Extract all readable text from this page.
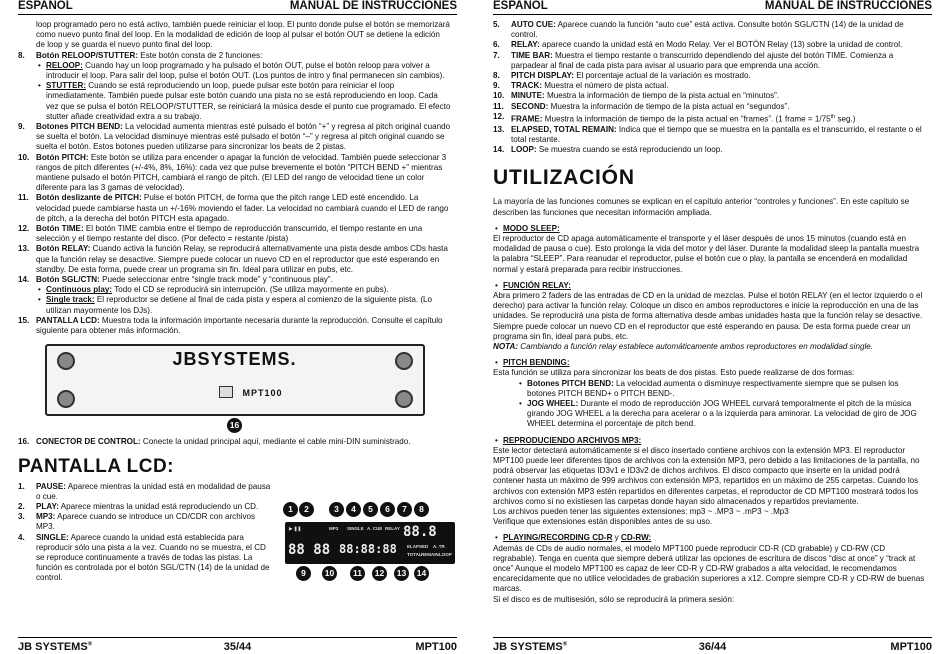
ESPAÑOL	MANUAL DE INSTRUCCIONES

loop programado pero no está activo, también puede reiniciar el loop. El punto donde pulse el botón se memorizará como nuevo punto final del loop. En la modalidad de edición de loop al pulsar el botón OUT se detiene la edición de loop y se guarda el nuevo punto final del loop.

8. Botón RELOOP/STUTTER: Este botón consta de 2 funciones:
• RELOOP: Cuando hay un loop programado y ha pulsado el botón OUT, pulse el botón reloop para volver a introducir el loop. Para salir del loop, pulse el botón OUT. (Los puntos de intro y final permanecen sin cambios).
• STUTTER: Cuando se está reproduciendo un loop, puede pulsar este botón para reiniciar el loop inmediatamente. También puede pulsar este botón cuando una pista no se está reproduciendo en loop. Cada vez que se pulsa el botón RELOOP/STUTTER, se reiniciará la música desde el punto cue programado. El efecto stutter añade creatividad extra a su trabajo.
9. Botones PITCH BEND: La velocidad aumenta mientras esté pulsado el botón “+” y regresa al pitch original cuando se suelta el botón. La velocidad disminuye mientras esté pulsado el botón “–” y regresa al pitch original cuando se suelta el botón. Estos botones pueden utilizarse para sincronizar los beats de 2 pistas.
10. Botón PITCH: Este botón se utiliza para encender o apagar la función de velocidad. También puede seleccionar 3 rangos de pitch diferentes (+/-4%, 8%, 16%): cada vez que pulse brevemente el botón “PITCH BEND +” mientras mantiene pulsado el botón PITCH, cambiará el rango de pitch. (El LED del rango de velocidad tiene un color diferente para las 3 gamas de velocidad).
11. Botón deslizante de PITCH: Pulse el botón PITCH, de forma que the pitch range LED esté encendido. La velocidad puede cambiarse hasta un +/-16% moviendo el fader. La velocidad no cambiará cuando el LED de rango de pitch, a la derecha del botón PITCH esta apagado.
12. Botón TIME: El botón TIME cambia entre el tiempo de reproducción transcurrido, el tiempo restante en una selección y el tiempo restante del disco. (Por defecto = restante /pista)
13. Botón RELAY: Cuando activa la función Relay, se reproducirá alternativamente una pista desde ambos CDs hasta que la función relay se desactive. Siempre puede colocar un nuevo CD en el reproductor que esté esperando en standby. De esta forma, puede crear un programa sin fin. Ideal para utilizar en pubs, etc.
14. Botón SGL/CTN: Puede seleccionar entre “single track mode” y “continuous play”.
• Continuous play: Todo el CD se reproducirá sin interrupción. (Se utiliza mayormente en pubs).
• Single track: El reproductor se detiene al final de cada pista y espera al comienzo de la siguiente pista. (Lo utilizan mayormente los DJs).
15. PANTALLA LCD: Muestra toda la información importante necesaria durante la reproducción. Consulte el capítulo siguiente para obtener más información.
JBSYSTEMS.
MPT100
16
16. CONECTOR DE CONTROL: Conecte la unidad principal aquí, mediante el cable mini-DIN suministrado.
PANTALLA LCD:
1. PAUSE: Aparece mientras la unidad está en modalidad de pausa o cue.
2. PLAY: Aparece mientras la unidad está reproduciendo un CD.
3. MP3: Aparece cuando se introduce un CD/CDR con archivos MP3.
4. SINGLE: Aparece cuando la unidad está establecida para reproducir sólo una pista a la vez. Cuando no se muestra, el CD se reproduce continuamente a través de todas las pistas. La función es controlada por el botón SGL/CTN (14) de la unidad de control.
1	2	3	4	5	6	7	8
▶ ❚❚	MP3 SINGLE A. CUE RELAY 88.8
88 88 88:88:88 ELAPSED A. TR
TOTAL REMAIN LOOP
9	10	11	12	13	14
JB SYSTEMS®	35/44	MPT100
ESPAÑOL	MANUAL DE INSTRUCCIONES
5. AUTO CUE: Aparece cuando la función “auto cue” está activa. Consulte botón SGL/CTN (14) de la unidad de control.
6. RELAY: aparece cuando la unidad está en Modo Relay. Ver el BOTÓN Relay (13) sobre la unidad de control.
7. TIME BAR: Muestra el tiempo restante o transcurrido dependiendo del ajuste del botón TIME. Comienza a parpadear al final de cada pista para avisar al usuario para que emprenda una acción.
8. PITCH DISPLAY: El porcentaje actual de la variación es mostrado.
9. TRACK: Muestra el número de pista actual.
10. MINUTE: Muestra la información de tiempo de la pista actual en “minutos”.
11. SECOND: Muestra la información de tiempo de la pista actual en “segundos”.
12. FRAME: Muestra la información de tiempo de la pista actual en “frames”. (1 frame = 1/75th seg.)
13. ELAPSED, TOTAL REMAIN: Indica que el tiempo que se muestra en la pantalla es el transcurrido, el restante o el total restante.
14. LOOP: Se muestra cuando se está reproduciendo un loop.
UTILIZACIÓN

La mayoría de las funciones comunes se explican en el capítulo anterior “controles y funciones”. En este capítulo se describen las funciones que necesitan información ampliada.

• MODO SLEEP:

El reproductor de CD apaga automáticamente el transporte y el láser después de unos 15 minutos (cuando está en modalidad de pausa o cue). Esto prolonga la vida del motor y del láser. Durante la modalidad sleep la pantalla muestra la palabra “SLEEP”. Para reanudar el reproductor, pulse el botón cue o play, la pantalla se encenderá en modalidad normal y estará preparada para recibir instrucciones.

• FUNCIÓN RELAY:

Abra primero 2 faders de las entradas de CD en la unidad de mezclas. Pulse el botón RELAY (en el lector izquierdo o el derecho) para activar la función relay. Coloque un disco en ambos reproductores e inicie la reproducción en una de las unidades. Se reproducirá una pista de forma alternativa desde ambas unidades hasta que la función relay se desactive. Siempre puede colocar un nuevo CD en el reproductor que esté esperando en pausa. De esta forma puede crear un programa sin fin, ideal para pubs, etc.

NOTA: Cambiando a función relay establece automáticamente ambos reproductores en modalidad single.

• PITCH BENDING:

Esta función se utiliza para sincronizar los beats de dos pistas. Esto puede realizarse de dos formas:

• Botones PITCH BEND: La velocidad aumenta o disminuye respectivamente siempre que se pulsen los botones PITCH BEND+ o PITCH BEND-.
• JOG WHEEL: Durante el modo de reproducción JOG WHEEL curvará temporalmente el pitch de la música girando JOG WHEEL a la derecha para acelerar o a la izquierda para aminorar. La velocidad de giro de JOG WHEEL determina el porcentaje de pitch bend.
• REPRODUCIENDO ARCHIVOS MP3:

Este lector detectará automáticamente si el disco insertado contiene archivos con la extensión MP3. El reproductor MPT100 puede leer diferentes tipos de archivos con la extensión MP3, pero debido a las limitaciones de la pantalla, no podrá observar las etiquetas ID3v1 e ID3v2 de dichos archivos. El disco compacto que inserte en la unidad podrá contener hasta un máximo de 999 archivos con extensión MP3, repartidos en un máximo de 255 carpetas. Cuando los archivos con extensión MP3 estén repartidos en diferentes carpetas, el reproductor de CD MPT100 mostrará todos los archivos como si no existiesen las carpetas donde hayan sido almacenados y repartidos previamente.

Los archivos pueden tener las siguientes extensiones: mp3 ~ .MP3 ~ .mP3 ~ .Mp3

Verifique que extensiones están disponibles antes de su uso.

• PLAYING/RECORDING CD-R y CD-RW:

Además de CDs de audio normales, el modelo MPT100 puede reproducir CD-R (CD grabable) y CD-RW (CD regrabable). Tenga en cuenta que siempre deberá utilizar las opciones de escritura de discos “disc at once” y “track at once” Aunque el modelo MPT100 es capaz de leer CD-R y CD-RW grabados a alta velocidad, le recomendamos encarecidamente que no utilice velocidades de grabación superiores a x12. Compre siempre CD-R y CD-RW de buenas marcas.

Si el disco es de multisesión, sólo se reproducirá la primera sesión:

JB SYSTEMS®	36/44	MPT100
